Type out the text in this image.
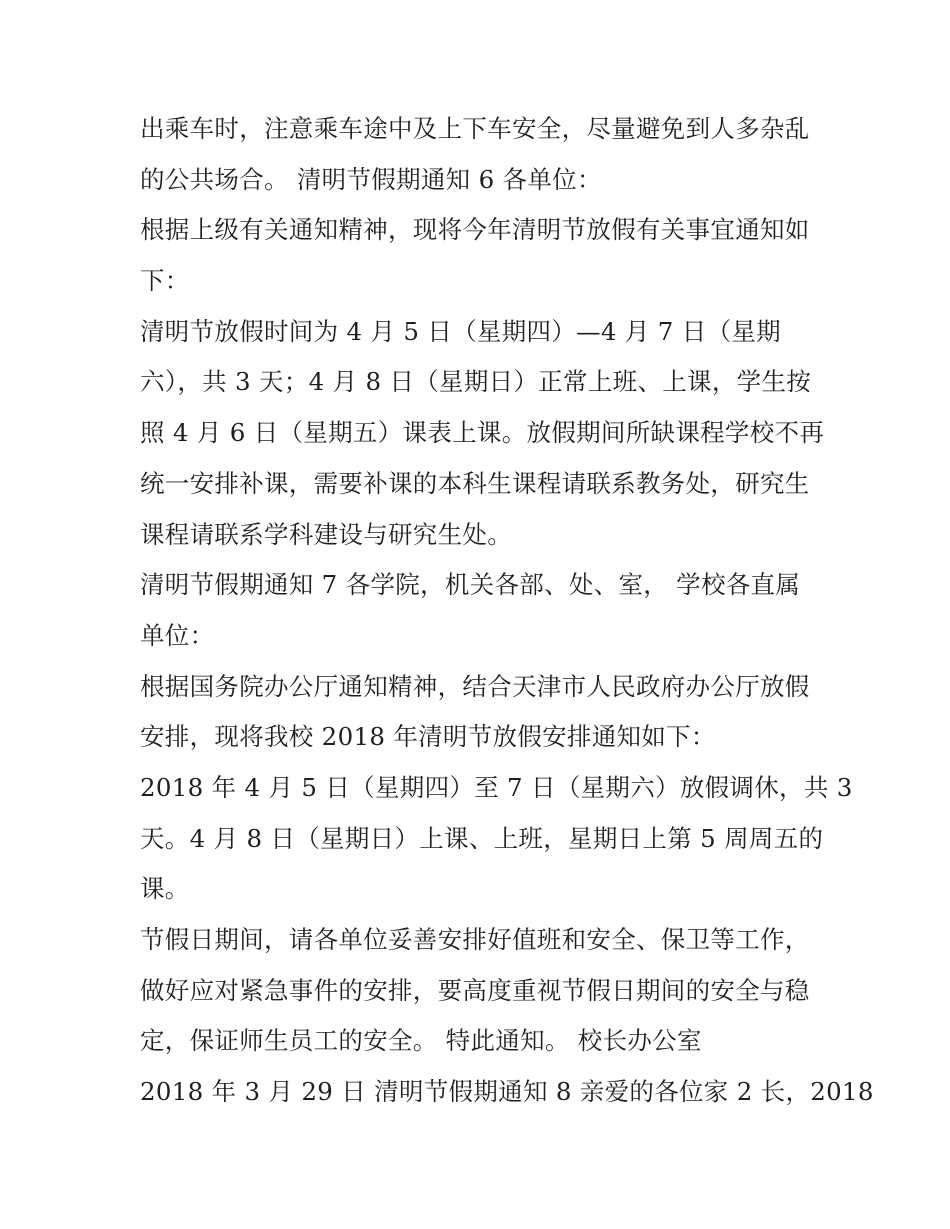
出乘车时，注意乘车途中及上下车安全，尽量避免到人多杂乱
的公共场合。 清明节假期通知 6 各单位：
根据上级有关通知精神，现将今年清明节放假有关事宜通知如
下：
清明节放假时间为 4 月 5 日（星期四）—4 月 7 日（星期
六），共 3 天；4 月 8 日（星期日）正常上班、上课，学生按
照 4 月 6 日（星期五）课表上课。放假期间所缺课程学校不再
统一安排补课，需要补课的本科生课程请联系教务处，研究生
课程请联系学科建设与研究生处。
清明节假期通知 7 各学院，机关各部、处、室， 学校各直属
单位：
根据国务院办公厅通知精神，结合天津市人民政府办公厅放假
安排，现将我校 2018 年清明节放假安排通知如下：
2018 年 4 月 5 日（星期四）至 7 日（星期六）放假调休，共 3
天。4 月 8 日（星期日）上课、上班，星期日上第 5 周周五的
课。
节假日期间，请各单位妥善安排好值班和安全、保卫等工作，
做好应对紧急事件的安排，要高度重视节假日期间的安全与稳
定，保证师生员工的安全。 特此通知。 校长办公室
2018 年 3 月 29 日 清明节假期通知 8 亲爱的各位家 2 长，2018
